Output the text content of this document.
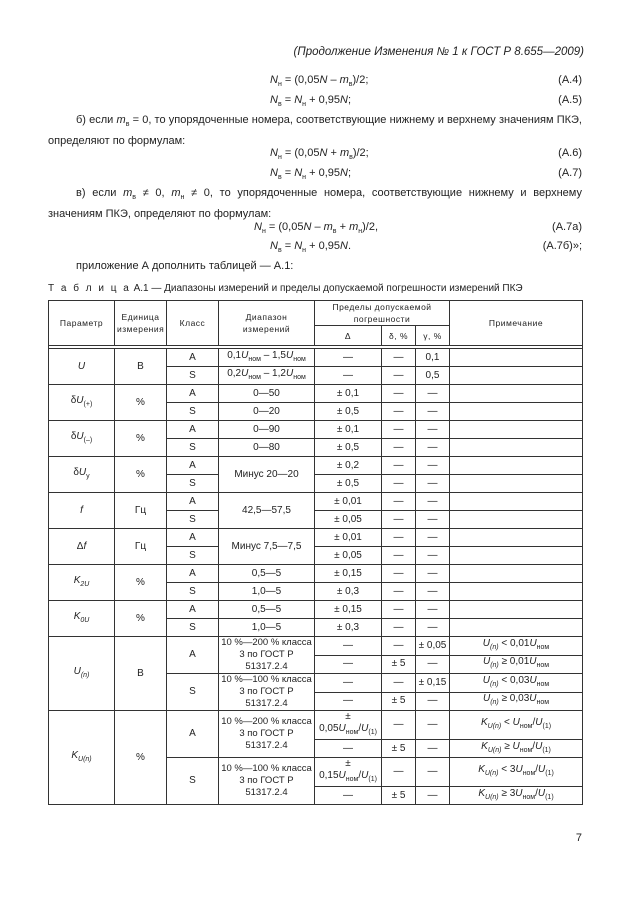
(Продолжение Изменения № 1 к ГОСТ Р 8.655—2009)
$N_н = (0,05N - m_в)/2$;	(А.4)
$N_в = N_н + 0,95N$;	(А.5)
б) если $m_в = 0$, то упорядоченные номера, соответствующие нижнему и верхнему значениям ПКЭ, определяют по формулам:
$N_н = (0,05N + m_в)/2$;	(А.6)
$N_в = N_н + 0,95N$;	(А.7)
в) если $m_в \ne 0$, $m_н \ne 0$, то упорядоченные номера, соответствующие нижнему и верхнему значениям ПКЭ, определяют по формулам:
$N_н = (0,05N - m_в + m_н)/2$,	(А.7а)
$N_в = N_н + 0,95N$.	(А.7б)»;
приложение А дополнить таблицей — А.1:
Т а б л и ц а А.1 — Диапазоны измерений и пределы допускаемой погрешности измерений ПКЭ
Параметр	Единица измерения	Класс	Диапазон измерений	Пределы допускаемой погрешности			Примечание
				Δ	δ, %	γ, %	

U	В	A	$0,1U_{ном} - 1,5U_{ном}$	—	—	0,1	
		S	$0,2U_{ном} - 1,2U_{ном}$	—	—	0,5	
$\delta U_{(+)}$	%	A	0—50	± 0,1	—	—	
		S	0—20	± 0,5	—	—	
$\delta U_{(-)}$	%	A	0—90	± 0,1	—	—	
		S	0—80	± 0,5	—	—	
$\delta U_y$	%	A	Минус 20—20	± 0,2	—	—	
		S		± 0,5	—	—	
f	Гц	A	42,5—57,5	± 0,01	—	—	
		S		± 0,05	—	—	
Δf	Гц	A	Минус 7,5—7,5	± 0,01	—	—	
		S		± 0,05	—	—	
$K_{2U}$	%	A	0,5—5	± 0,15	—	—	
		S	1,0—5	± 0,3	—	—	
$K_{0U}$	%	A	0,5—5	± 0,15	—	—	
		S	1,0—5	± 0,3	—	—	
$U_{(n)}$	В	A	10 %—200 % класса 3 по ГОСТ Р 51317.2.4	—	—	± 0,05	$U_{(n)} < 0,01U_{ном}$
				—	± 5	—	$U_{(n)} \ge 0,01U_{ном}$
		S	10 %—100 % класса 3 по ГОСТ Р 51317.2.4	—	—	± 0,15	$U_{(n)} < 0,03U_{ном}$
				—	± 5	—	$U_{(n)} \ge 0,03U_{ном}$
$K_{U(n)}$	%	A	10 %—200 % класса 3 по ГОСТ Р 51317.2.4	± $0,05U_{ном}/U_{(1)}$	—	—	$K_{U(n)} < U_{ном}/U_{(1)}$
				—	± 5	—	$K_{U(n)} \ge U_{ном}/U_{(1)}$
		S	10 %—100 % класса 3 по ГОСТ Р 51317.2.4	± $0,15U_{ном}/U_{(1)}$	—	—	$K_{U(n)} < 3U_{ном}/U_{(1)}$
				—	± 5	—	$K_{U(n)} \ge 3U_{ном}/U_{(1)}$
7
